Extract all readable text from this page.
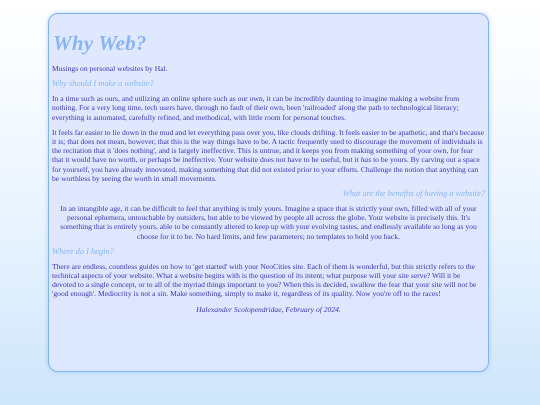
Why Web?

Musings on personal websites by Hal.

Why should I make a website?

In a time such as ours, and utilizing an online sphere such as our own, it can be incredibly daunting to imagine making a website from nothing. For a very long time, tech users have, through no fault of their own, been 'railroaded' along the path to technological literacy; everything is automated, carefully refined, and methodical, with little room for personal touches.

It feels far easier to lie down in the mud and let everything pass over you, like clouds drifting. It feels easier to be apathetic, and that's because it is; that does not mean, however, that this is the way things have to be. A tactic frequently used to discourage the movement of individuals is the recitation that it 'does nothing', and is largely ineffective. This is untrue, and it keeps you from making something of your own, for fear that it would have no worth, or perhaps be ineffective. Your website does not have to be useful, but it has to be yours. By carving out a space for yourself, you have already innovated, making something that did not existed prior to your efforts. Challenge the notion that anything can be worthless by seeing the worth in small movements.

What are the benefits of having a website?

In an intangible age, it can be difficult to feel that anything is truly yours. Imagine a space that is strictly your own, filled with all of your personal ephemera, untouchable by outsiders, but able to be viewed by people all across the globe. Your website is precisely this. It's something that is entirely yours, able to be constantly altered to keep up with your evolving tastes, and endlessly available so long as you choose for it to be. No hard limits, and few parameters; no templates to hold you back.

Where do I begin?

There are endless, countless guides on how to 'get started' with your NeoCities site. Each of them is wonderful, but this strictly refers to the technical aspects of your website. What a website begins with is the question of its intent; what purpose will your site serve? Will it be devoted to a single concept, or to all of the myriad things important to you? When this is decided, swallow the fear that your site will not be 'good enough'. Mediocrity is not a sin. Make something, simply to make it, regardless of its quality. Now you're off to the races!

Halexander Scolopendridae, February of 2024.
